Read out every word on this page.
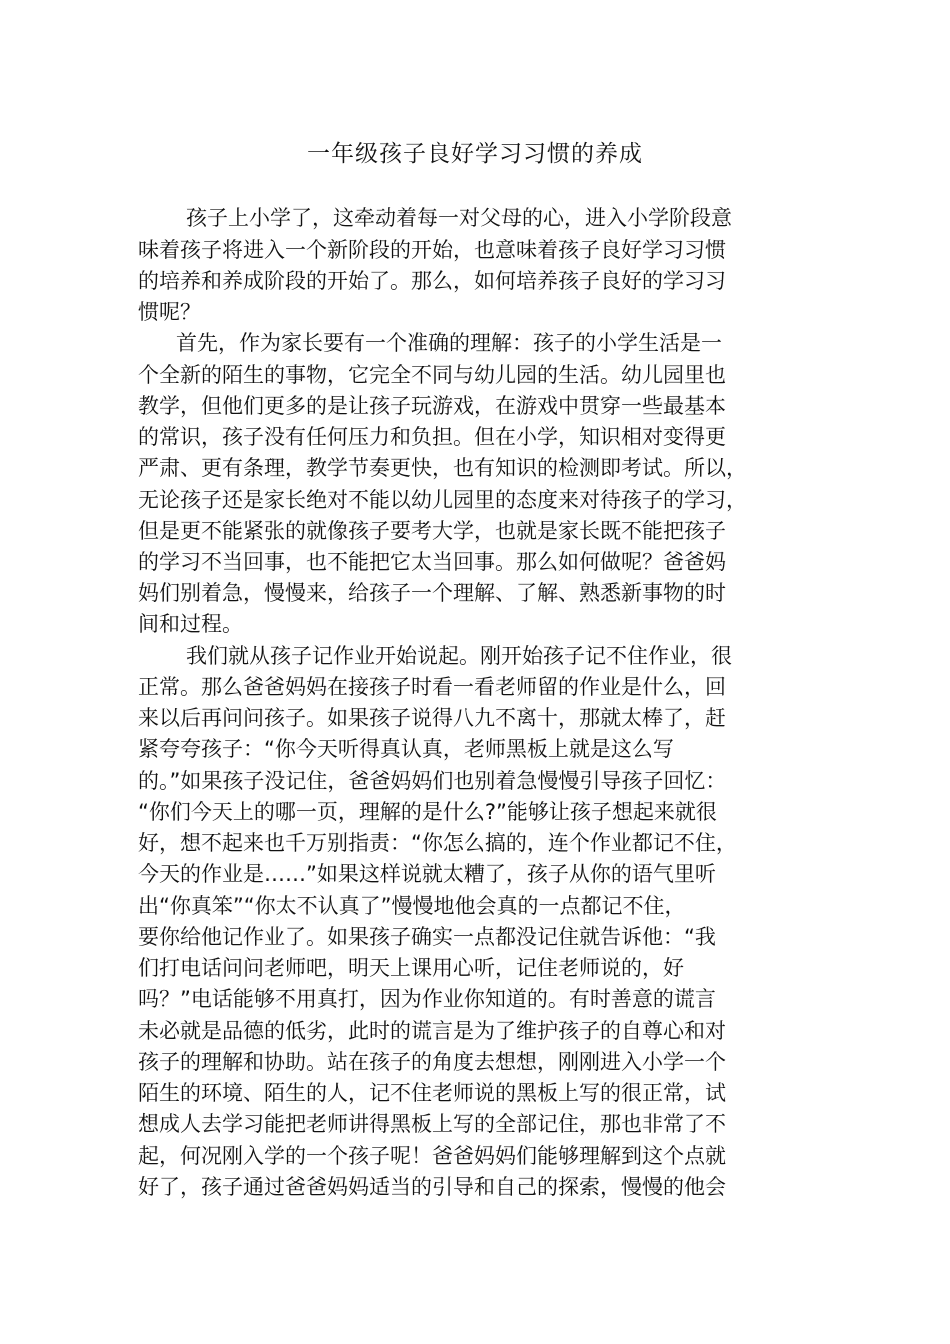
一年级孩子良好学习习惯的养成
孩子上小学了，这牵动着每一对父母的心，进入小学阶段意
味着孩子将进入一个新阶段的开始，也意味着孩子良好学习习惯
的培养和养成阶段的开始了。那么，如何培养孩子良好的学习习
惯呢？
首先，作为家长要有一个准确的理解：孩子的小学生活是一
个全新的陌生的事物，它完全不同与幼儿园的生活。幼儿园里也
教学，但他们更多的是让孩子玩游戏，在游戏中贯穿一些最基本
的常识，孩子没有任何压力和负担。但在小学，知识相对变得更
严肃、更有条理，教学节奏更快，也有知识的检测即考试。所以，
无论孩子还是家长绝对不能以幼儿园里的态度来对待孩子的学习，
但是更不能紧张的就像孩子要考大学，也就是家长既不能把孩子
的学习不当回事，也不能把它太当回事。那么如何做呢？爸爸妈
妈们别着急，慢慢来，给孩子一个理解、了解、熟悉新事物的时
间和过程。
我们就从孩子记作业开始说起。刚开始孩子记不住作业，很
正常。那么爸爸妈妈在接孩子时看一看老师留的作业是什么，回
来以后再问问孩子。如果孩子说得八九不离十，那就太棒了，赶
紧夸夸孩子：“你今天听得真认真，老师黑板上就是这么写
的。”如果孩子没记住，爸爸妈妈们也别着急慢慢引导孩子回忆：
“你们今天上的哪一页，理解的是什么?”能够让孩子想起来就很
好，想不起来也千万别指责：“你怎么搞的，连个作业都记不住，
今天的作业是……”如果这样说就太糟了，孩子从你的语气里听
出“你真笨”“你太不认真了”慢慢地他会真的一点都记不住，
要你给他记作业了。如果孩子确实一点都没记住就告诉他：“我
们打电话问问老师吧，明天上课用心听，记住老师说的，好
吗？”电话能够不用真打，因为作业你知道的。有时善意的谎言
未必就是品德的低劣，此时的谎言是为了维护孩子的自尊心和对
孩子的理解和协助。站在孩子的角度去想想，刚刚进入小学一个
陌生的环境、陌生的人，记不住老师说的黑板上写的很正常，试
想成人去学习能把老师讲得黑板上写的全部记住，那也非常了不
起，何况刚入学的一个孩子呢！爸爸妈妈们能够理解到这个点就
好了，孩子通过爸爸妈妈适当的引导和自己的探索，慢慢的他会
